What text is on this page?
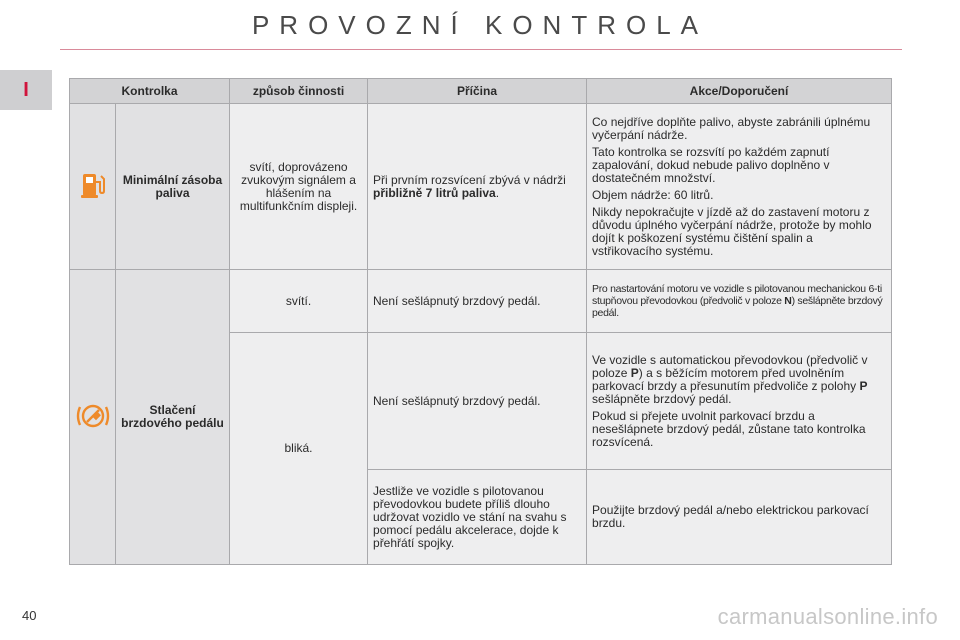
PROVOZNÍ KONTROLA
I	Kontrolka		způsob činnosti	Příčina	Akce/Doporučení
	Minimální zásoba paliva	svítí, doprovázeno zvukovým signálem a hlášením na multifunkčním displeji.	Při prvním rozsvícení zbývá v nádrži přibližně 7 litrů paliva.	Co nejdříve doplňte palivo, abyste zabránili úplnému vyčerpání nádrže.
Tato kontrolka se rozsvítí po každém zapnutí zapalování, dokud nebude palivo doplněno v dostatečném množství.
Objem nádrže: 60 litrů.
Nikdy nepokračujte v jízdě až do zastavení motoru z důvodu úplného vyčerpání nádrže, protože by mohlo dojít k poškození systému čištění spalin a vstřikovacího systému.

	Stlačení brzdového pedálu	svítí.	Není sešlápnutý brzdový pedál.	Pro nastartování motoru ve vozidle s pilotovanou mechanickou 6-ti stupňovou převodovkou (předvolič v poloze N) sešlápněte brzdový pedál.
		bliká.	Není sešlápnutý brzdový pedál.	Ve vozidle s automatickou převodovkou (předvolič v poloze P) a s běžícím motorem před uvolněním parkovací brzdy a přesunutím předvoliče z polohy P sešlápněte brzdový pedál.
Pokud si přejete uvolnit parkovací brzdu a nesešlápnete brzdový pedál, zůstane tato kontrolka rozsvícená.

			Jestliže ve vozidle s pilotovanou převodovkou budete příliš dlouho udržovat vozidlo ve stání na svahu s pomocí pedálu akcelerace, dojde k přehřátí spojky.	Použijte brzdový pedál a/nebo elektrickou parkovací brzdu.
40	carmanualsonline.info
